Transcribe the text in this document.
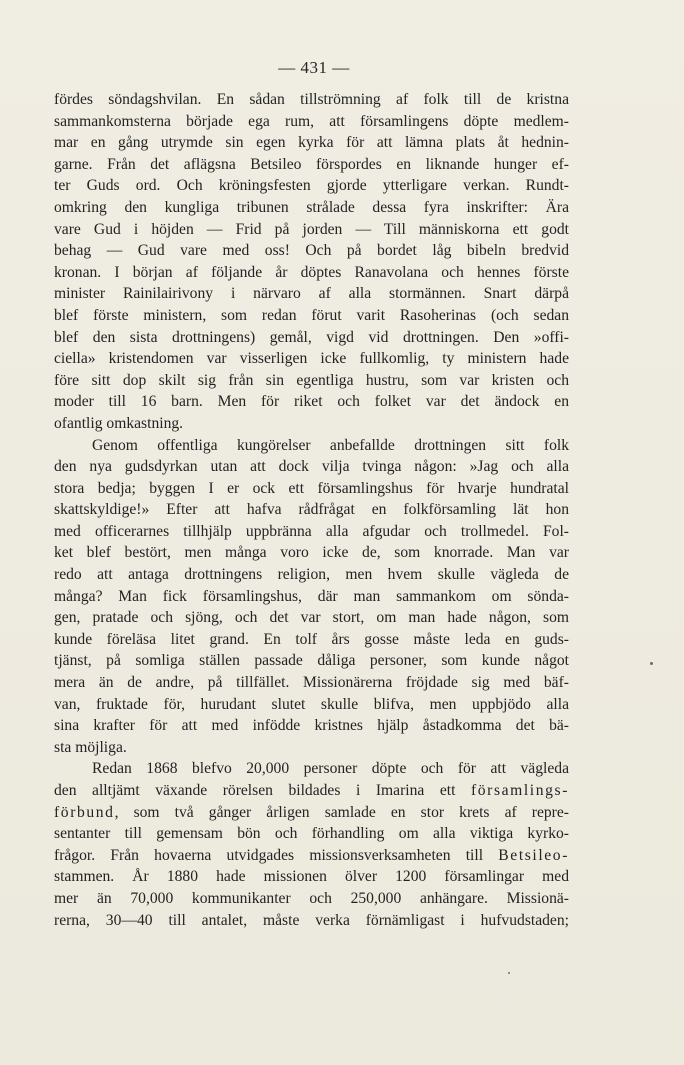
— 431 —
fördes söndagshvilan. En sådan tillströmning af folk till de kristna
sammankomsterna började ega rum, att församlingens döpte medlem-
mar en gång utrymde sin egen kyrka för att lämna plats åt hednin-
garne. Från det aflägsna Betsileo förspordes en liknande hunger ef-
ter Guds ord. Och kröningsfesten gjorde ytterligare verkan. Rundt-
omkring den kungliga tribunen strålade dessa fyra inskrifter: Ära
vare Gud i höjden — Frid på jorden — Till människorna ett godt
behag — Gud vare med oss! Och på bordet låg bibeln bredvid
kronan. I början af följande år döptes Ranavolana och hennes förste
minister Rainilairivony i närvaro af alla stormännen. Snart därpå
blef förste ministern, som redan förut varit Rasoherinas (och sedan
blef den sista drottningens) gemål, vigd vid drottningen. Den »offi-
ciella» kristendomen var visserligen icke fullkomlig, ty ministern hade
före sitt dop skilt sig från sin egentliga hustru, som var kristen och
moder till 16 barn. Men för riket och folket var det ändock en
ofantlig omkastning.
Genom offentliga kungörelser anbefallde drottningen sitt folk
den nya gudsdyrkan utan att dock vilja tvinga någon: »Jag och alla
stora bedja; byggen I er ock ett församlingshus för hvarje hundratal
skattskyldige!» Efter att hafva rådfrågat en folkförsamling lät hon
med officerarnes tillhjälp uppbränna alla afgudar och trollmedel. Fol-
ket blef bestört, men många voro icke de, som knorrade. Man var
redo att antaga drottningens religion, men hvem skulle vägleda de
många? Man fick församlingshus, där man sammankom om sönda-
gen, pratade och sjöng, och det var stort, om man hade någon, som
kunde föreläsa litet grand. En tolf års gosse måste leda en guds-
tjänst, på somliga ställen passade dåliga personer, som kunde något
mera än de andre, på tillfället. Missionärerna fröjdade sig med bäf-
van, fruktade för, hurudant slutet skulle blifva, men uppbjödo alla
sina krafter för att med infödde kristnes hjälp åstadkomma det bä-
sta möjliga.
Redan 1868 blefvo 20,000 personer döpte och för att vägleda
den alltjämt växande rörelsen bildades i Imarina ett församlings-
förbund, som två gånger årligen samlade en stor krets af repre-
sentanter till gemensam bön och förhandling om alla viktiga kyrko-
frågor. Från hovaerna utvidgades missionsverksamheten till Betsileo-
stammen. År 1880 hade missionen ölver 1200 församlingar med
mer än 70,000 kommunikanter och 250,000 anhängare. Missionä-
rerna, 30—40 till antalet, måste verka förnämligast i hufvudstaden;
